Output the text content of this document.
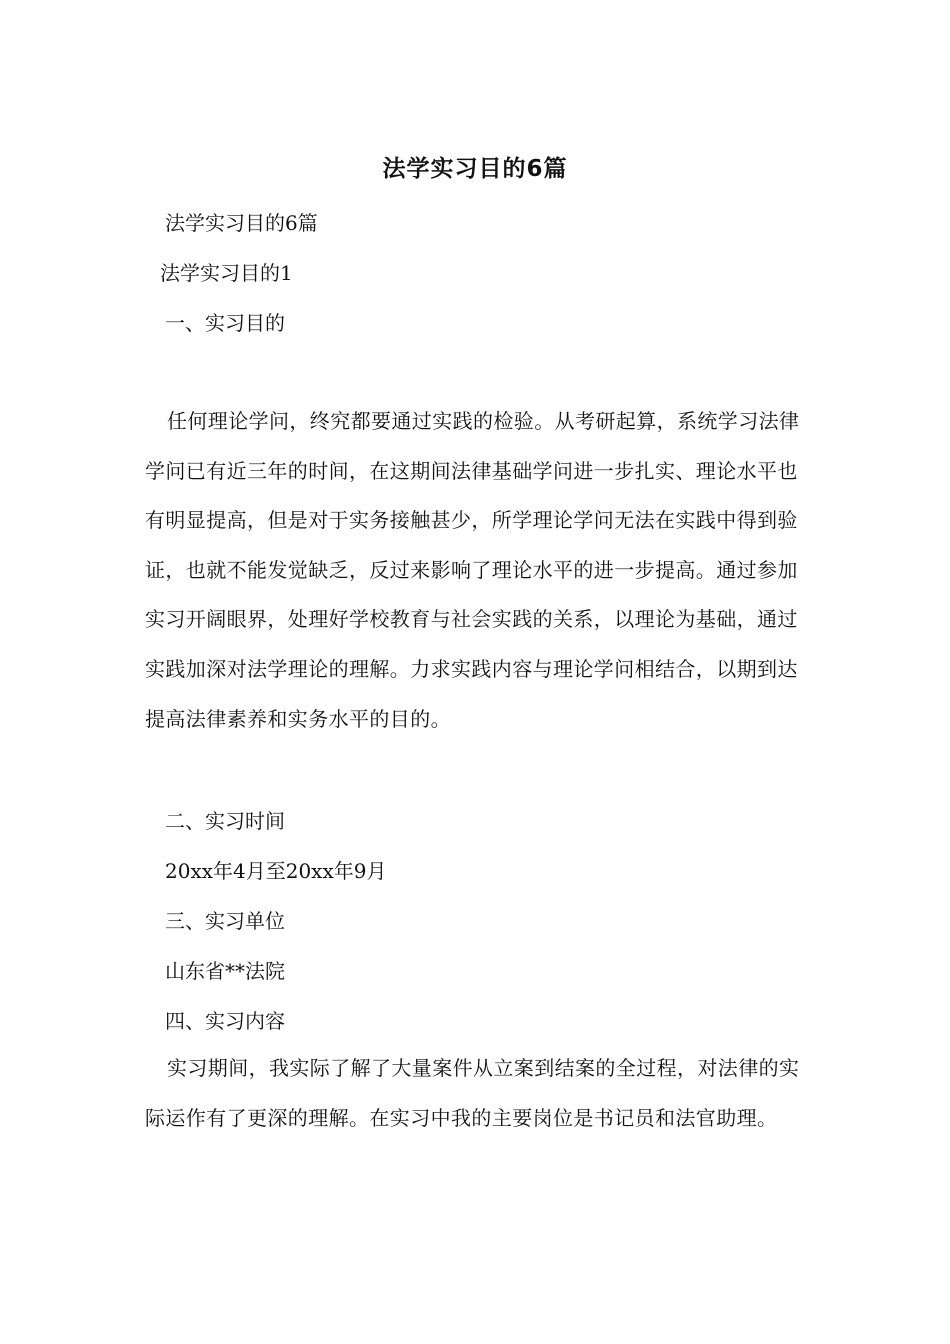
法学实习目的6篇
法学实习目的6篇
法学实习目的1
一、实习目的

任何理论学问，终究都要通过实践的检验。从考研起算，系统学习法律学问已有近三年的时间，在这期间法律基础学问进一步扎实、理论水平也有明显提高，但是对于实务接触甚少，所学理论学问无法在实践中得到验证，也就不能发觉缺乏，反过来影响了理论水平的进一步提高。通过参加实习开阔眼界，处理好学校教育与社会实践的关系，以理论为基础，通过实践加深对法学理论的理解。力求实践内容与理论学问相结合，以期到达提高法律素养和实务水平的目的。

二、实习时间
20xx年4月至20xx年9月
三、实习单位
山东省**法院
四、实习内容

实习期间，我实际了解了大量案件从立案到结案的全过程，对法律的实际运作有了更深的理解。在实习中我的主要岗位是书记员和法官助理。
